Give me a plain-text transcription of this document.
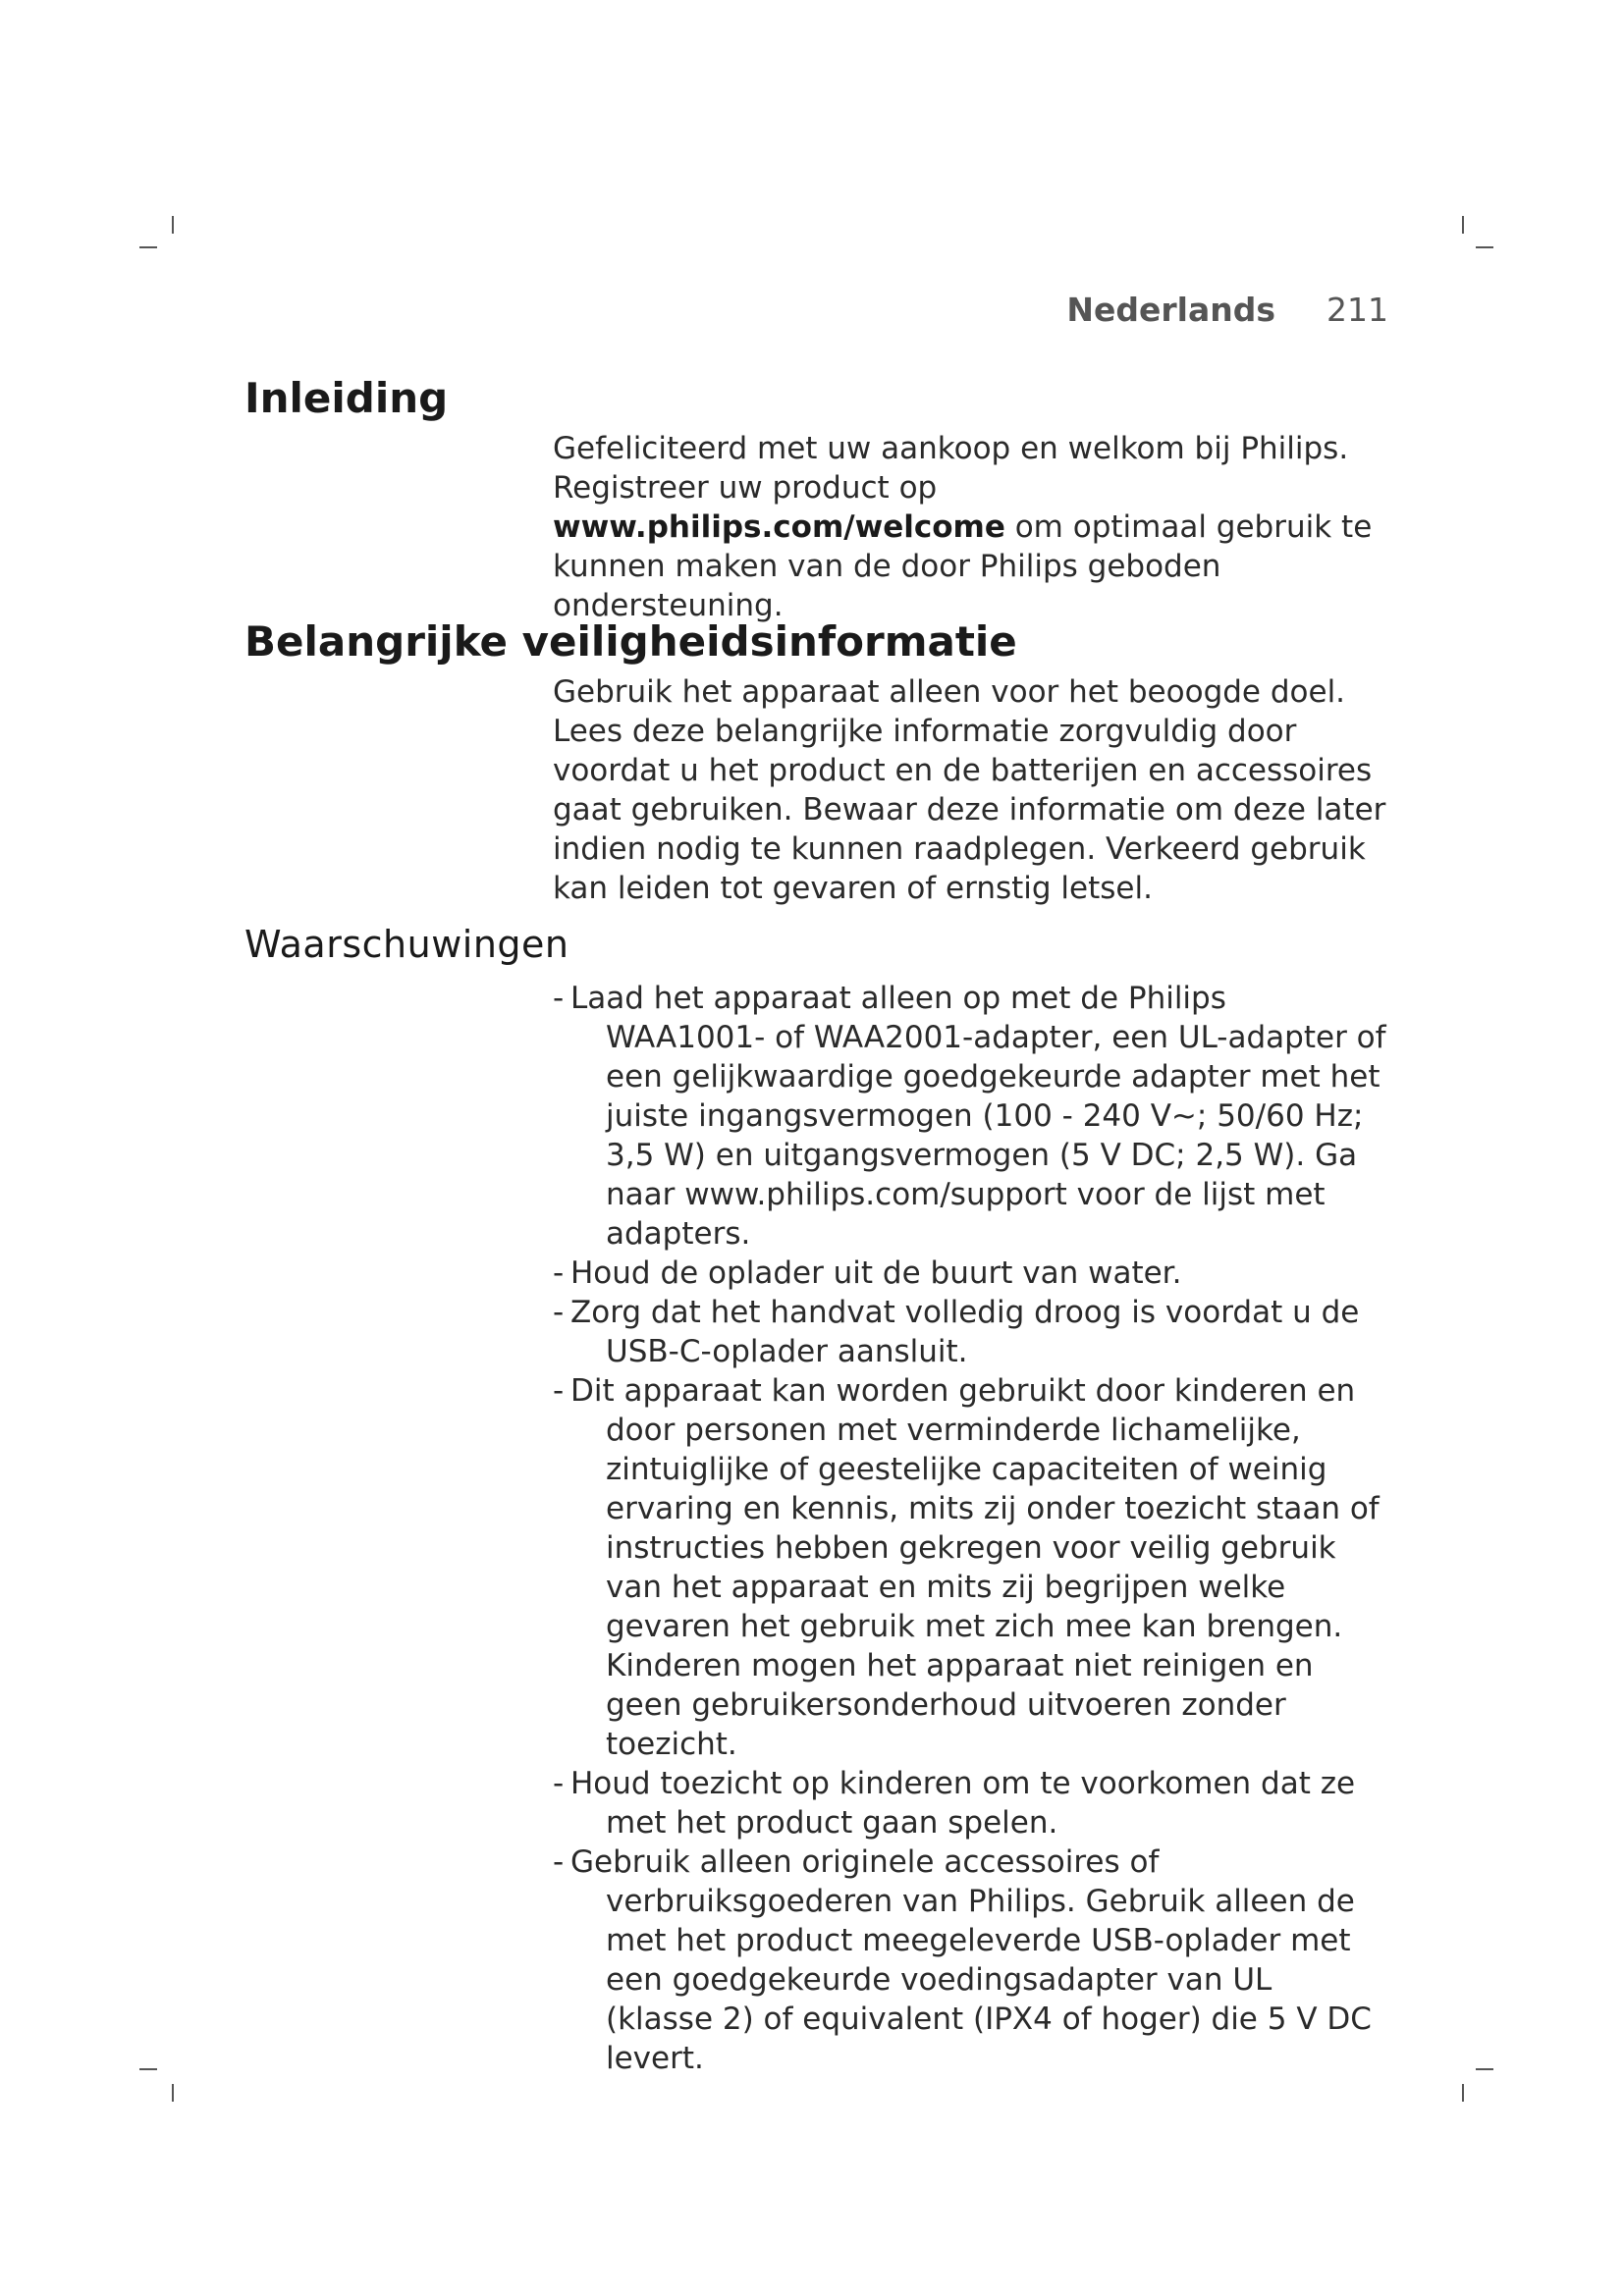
Nederlands 211
Inleiding

Gefeliciteerd met uw aankoop en welkom bij Philips. Registreer uw product op www.philips.com/welcome om optimaal gebruik te kunnen maken van de door Philips geboden ondersteuning.

Belangrijke veiligheidsinformatie

Gebruik het apparaat alleen voor het beoogde doel. Lees deze belangrijke informatie zorgvuldig door voordat u het product en de batterijen en accessoires gaat gebruiken. Bewaar deze informatie om deze later indien nodig te kunnen raadplegen. Verkeerd gebruik kan leiden tot gevaren of ernstig letsel.

Waarschuwingen
- Laad het apparaat alleen op met de Philips WAA1001- of WAA2001-adapter, een UL-adapter of een gelijkwaardige goedgekeurde adapter met het juiste ingangsvermogen (100 - 240 V~; 50/60 Hz; 3,5 W) en uitgangsvermogen (5 V DC; 2,5 W). Ga naar www.philips.com/support voor de lijst met adapters.
- Houd de oplader uit de buurt van water.
- Zorg dat het handvat volledig droog is voordat u de USB-C-oplader aansluit.
- Dit apparaat kan worden gebruikt door kinderen en door personen met verminderde lichamelijke, zintuiglijke of geestelijke capaciteiten of weinig ervaring en kennis, mits zij onder toezicht staan of instructies hebben gekregen voor veilig gebruik van het apparaat en mits zij begrijpen welke gevaren het gebruik met zich mee kan brengen. Kinderen mogen het apparaat niet reinigen en geen gebruikersonderhoud uitvoeren zonder toezicht.
- Houd toezicht op kinderen om te voorkomen dat ze met het product gaan spelen.
- Gebruik alleen originele accessoires of verbruiksgoederen van Philips. Gebruik alleen de met het product meegeleverde USB-oplader met een goedgekeurde voedingsadapter van UL (klasse 2) of equivalent (IPX4 of hoger) die 5 V DC levert.
